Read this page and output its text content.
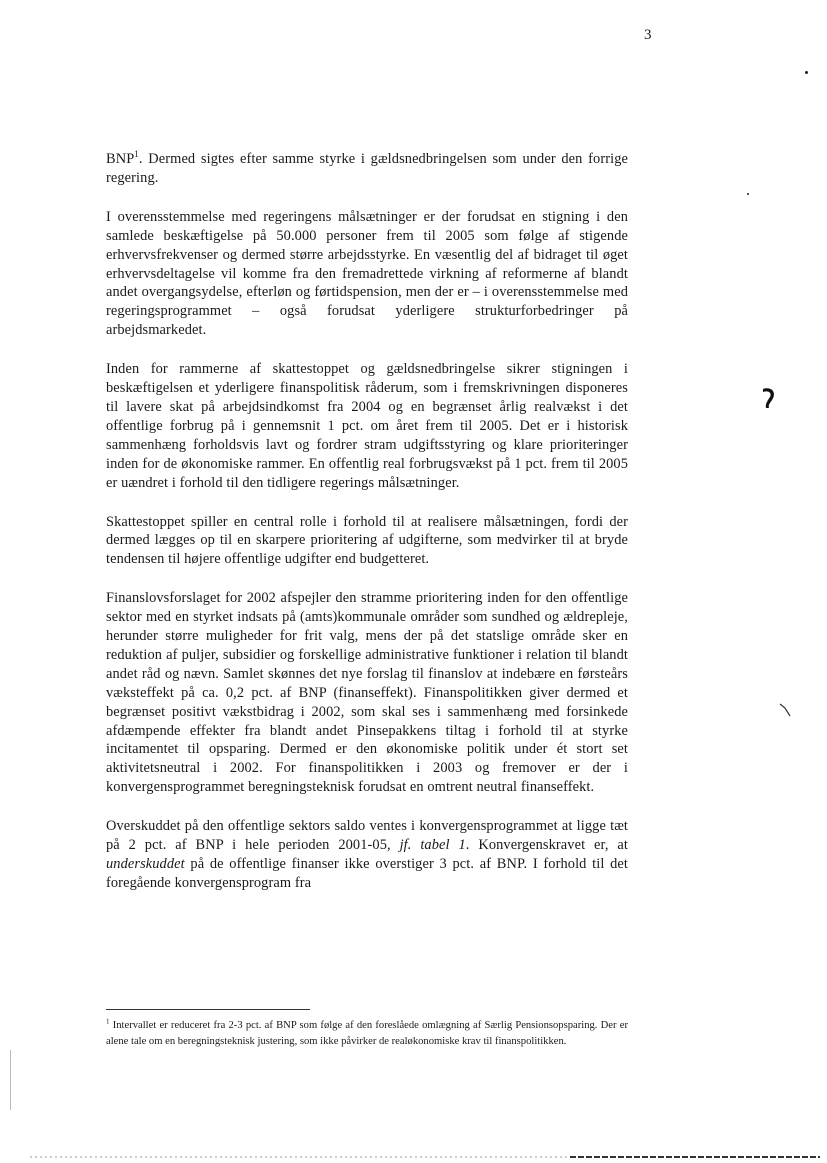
3

BNP$^1$. Dermed sigtes efter samme styrke i gældsnedbringelsen som under den forrige regering.

I overensstemmelse med regeringens målsætninger er der forudsat en stigning i den samlede beskæftigelse på 50.000 personer frem til 2005 som følge af stigende erhvervsfrekvenser og dermed større arbejdsstyrke. En væsentlig del af bidraget til øget erhvervsdeltagelse vil komme fra den fremadrettede virkning af reformerne af blandt andet overgangsydelse, efterløn og førtidspension, men der er – i overensstemmelse med regeringsprogrammet – også forudsat yderligere strukturforbedringer på arbejdsmarkedet.

Inden for rammerne af skattestoppet og gældsnedbringelse sikrer stigningen i beskæftigelsen et yderligere finanspolitisk råderum, som i fremskrivningen disponeres til lavere skat på arbejdsindkomst fra 2004 og en begrænset årlig realvækst i det offentlige forbrug på i gennemsnit 1 pct. om året frem til 2005. Det er i historisk sammenhæng forholdsvis lavt og fordrer stram udgiftsstyring og klare prioriteringer inden for de økonomiske rammer. En offentlig real forbrugsvækst på 1 pct. frem til 2005 er uændret i forhold til den tidligere regerings målsætninger.

Skattestoppet spiller en central rolle i forhold til at realisere målsætningen, fordi der dermed lægges op til en skarpere prioritering af udgifterne, som medvirker til at bryde tendensen til højere offentlige udgifter end budgetteret.

Finanslovsforslaget for 2002 afspejler den stramme prioritering inden for den offentlige sektor med en styrket indsats på (amts)kommunale områder som sundhed og ældrepleje, herunder større muligheder for frit valg, mens der på det statslige område sker en reduktion af puljer, subsidier og forskellige administrative funktioner i relation til blandt andet råd og nævn. Samlet skønnes det nye forslag til finanslov at indebære en førsteårs væksteffekt på ca. 0,2 pct. af BNP (finanseffekt). Finanspolitikken giver dermed et begrænset positivt vækstbidrag i 2002, som skal ses i sammenhæng med forsinkede afdæmpende effekter fra blandt andet Pinsepakkens tiltag i forhold til at styrke incitamentet til opsparing. Dermed er den økonomiske politik under ét stort set aktivitetsneutral i 2002. For finanspolitikken i 2003 og fremover er der i konvergensprogrammet beregningsteknisk forudsat en omtrent neutral finanseffekt.

Overskuddet på den offentlige sektors saldo ventes i konvergensprogrammet at ligge tæt på 2 pct. af BNP i hele perioden 2001-05, jf. tabel 1. Konvergenskravet er, at underskuddet på de offentlige finanser ikke overstiger 3 pct. af BNP. I forhold til det foregående konvergensprogram fra

$^1$ Intervallet er reduceret fra 2-3 pct. af BNP som følge af den foreslåede omlægning af Særlig Pensionsopsparing. Der er alene tale om en beregningsteknisk justering, som ikke påvirker de realøkonomiske krav til finanspolitikken.
